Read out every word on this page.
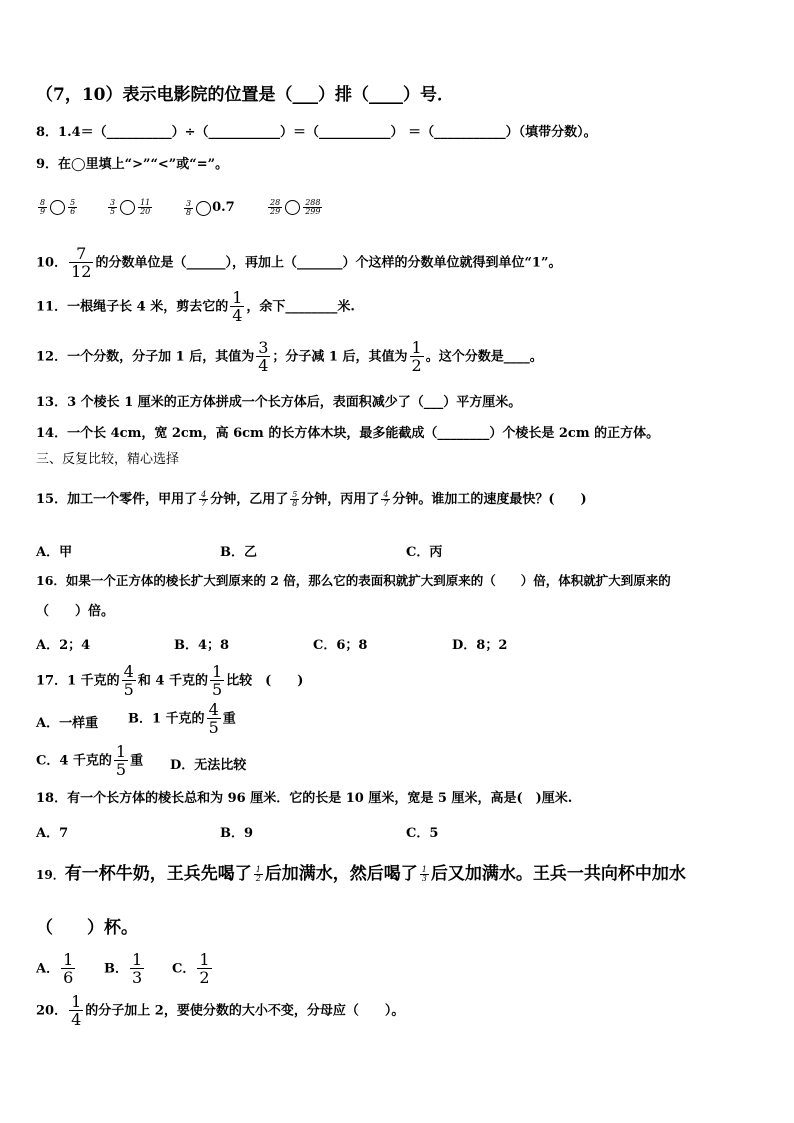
（7，10）表示电影院的位置是（___）排（____）号．
8．1.4＝（__________）÷（___________）＝（___________） ＝（___________）（填带分数）。
9．在◯里填上“>”“<”或“=”。
$\frac{8}{9}$	$\frac{5}{6}$	$\frac{3}{5}$	$\frac{11}{20}$	$\frac{3}{8} 0.7$	$\frac{28}{29}$	$\frac{288}{299}$
10． $\frac{7}{12}$ 的分数单位是（______），再加上（_______）个这样的分数单位就得到单位“1”。
11．一根绳子长 4 米，剪去它的 $\frac{1}{4}$ ，余下________米.
12．一个分数，分子加 1 后，其值为 $\frac{3}{4}$ ；分子减 1 后，其值为 $\frac{1}{2}$ 。这个分数是____。
13．3 个棱长 1 厘米的正方体拼成一个长方体后，表面积减少了（___）平方厘米。
14．一个长 4cm，宽 2cm，高 6cm 的长方体木块，最多能截成（________）个棱长是 2cm 的正方体。
三、反复比较，精心选择
15．加工一个零件，甲用了 $\frac{4}{7}$ 分钟，乙用了 $\frac{5}{8}$ 分钟，丙用了 $\frac{4}{7}$ 分钟。谁加工的速度最快？(　　)
A．甲	B．乙	C．丙
16．如果一个正方体的棱长扩大到原来的 2 倍，那么它的表面积就扩大到原来的（　　）倍，体积就扩大到原来的
（　　）倍。
A．2；4	B．4；8	C．6；8	D．8；2
17．1 千克的 $\frac{4}{5}$ 和 4 千克的 $\frac{1}{5}$ 比较　(　　)
A．一样重 B．1 千克的 $\frac{4}{5}$ 重
C．4 千克的 $\frac{1}{5}$ 重 D．无法比较
18．有一个长方体的棱长总和为 96 厘米．它的长是 10 厘米，宽是 5 厘米，高是(　)厘米.
A．7	B．9	C．5
19．有一杯牛奶，王兵先喝了 $\frac{1}{2}$ 后加满水，然后喝了 $\frac{1}{3}$ 后又加满水。王兵一共向杯中加水
（　　）杯。
A． $\frac{1}{6}$ B． $\frac{1}{3}$ C． $\frac{1}{2}$
20． $\frac{1}{4}$ 的分子加上 2，要使分数的大小不变，分母应（　　）。
